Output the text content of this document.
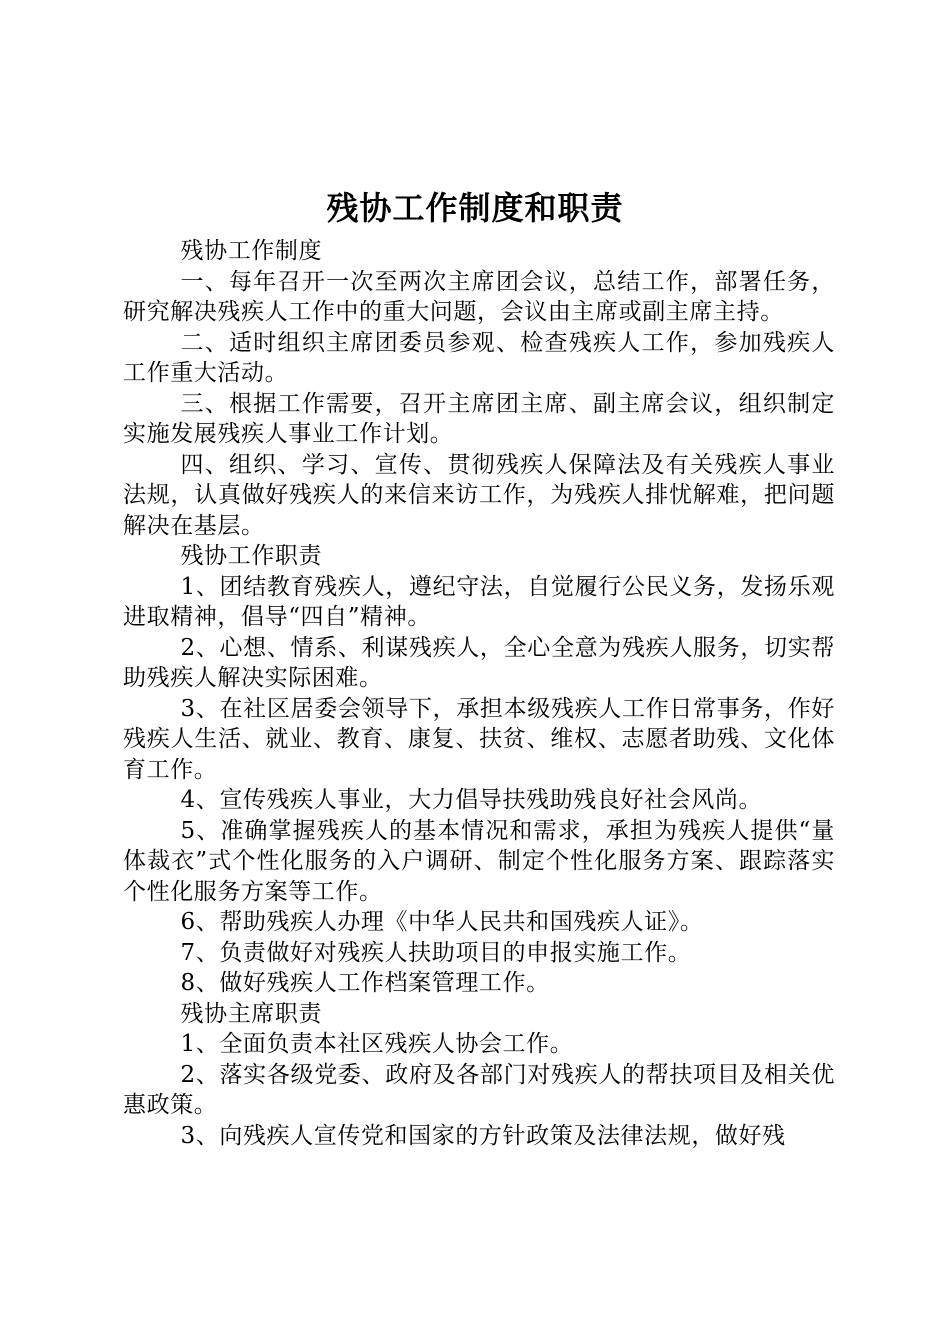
残协工作制度和职责

残协工作制度

一、每年召开一次至两次主席团会议，总结工作，部署任务，研究解决残疾人工作中的重大问题，会议由主席或副主席主持。

二、适时组织主席团委员参观、检查残疾人工作，参加残疾人工作重大活动。

三、根据工作需要，召开主席团主席、副主席会议，组织制定实施发展残疾人事业工作计划。

四、组织、学习、宣传、贯彻残疾人保障法及有关残疾人事业法规，认真做好残疾人的来信来访工作，为残疾人排忧解难，把问题解决在基层。

残协工作职责

1、团结教育残疾人，遵纪守法，自觉履行公民义务，发扬乐观进取精神，倡导“四自”精神。

2、心想、情系、利谋残疾人，全心全意为残疾人服务，切实帮助残疾人解决实际困难。

3、在社区居委会领导下，承担本级残疾人工作日常事务，作好残疾人生活、就业、教育、康复、扶贫、维权、志愿者助残、文化体育工作。

4、宣传残疾人事业，大力倡导扶残助残良好社会风尚。

5、准确掌握残疾人的基本情况和需求，承担为残疾人提供“量体裁衣”式个性化服务的入户调研、制定个性化服务方案、跟踪落实个性化服务方案等工作。

6、帮助残疾人办理《中华人民共和国残疾人证》。

7、负责做好对残疾人扶助项目的申报实施工作。

8、做好残疾人工作档案管理工作。

残协主席职责

1、全面负责本社区残疾人协会工作。

2、落实各级党委、政府及各部门对残疾人的帮扶项目及相关优惠政策。

3、向残疾人宣传党和国家的方针政策及法律法规，做好残
